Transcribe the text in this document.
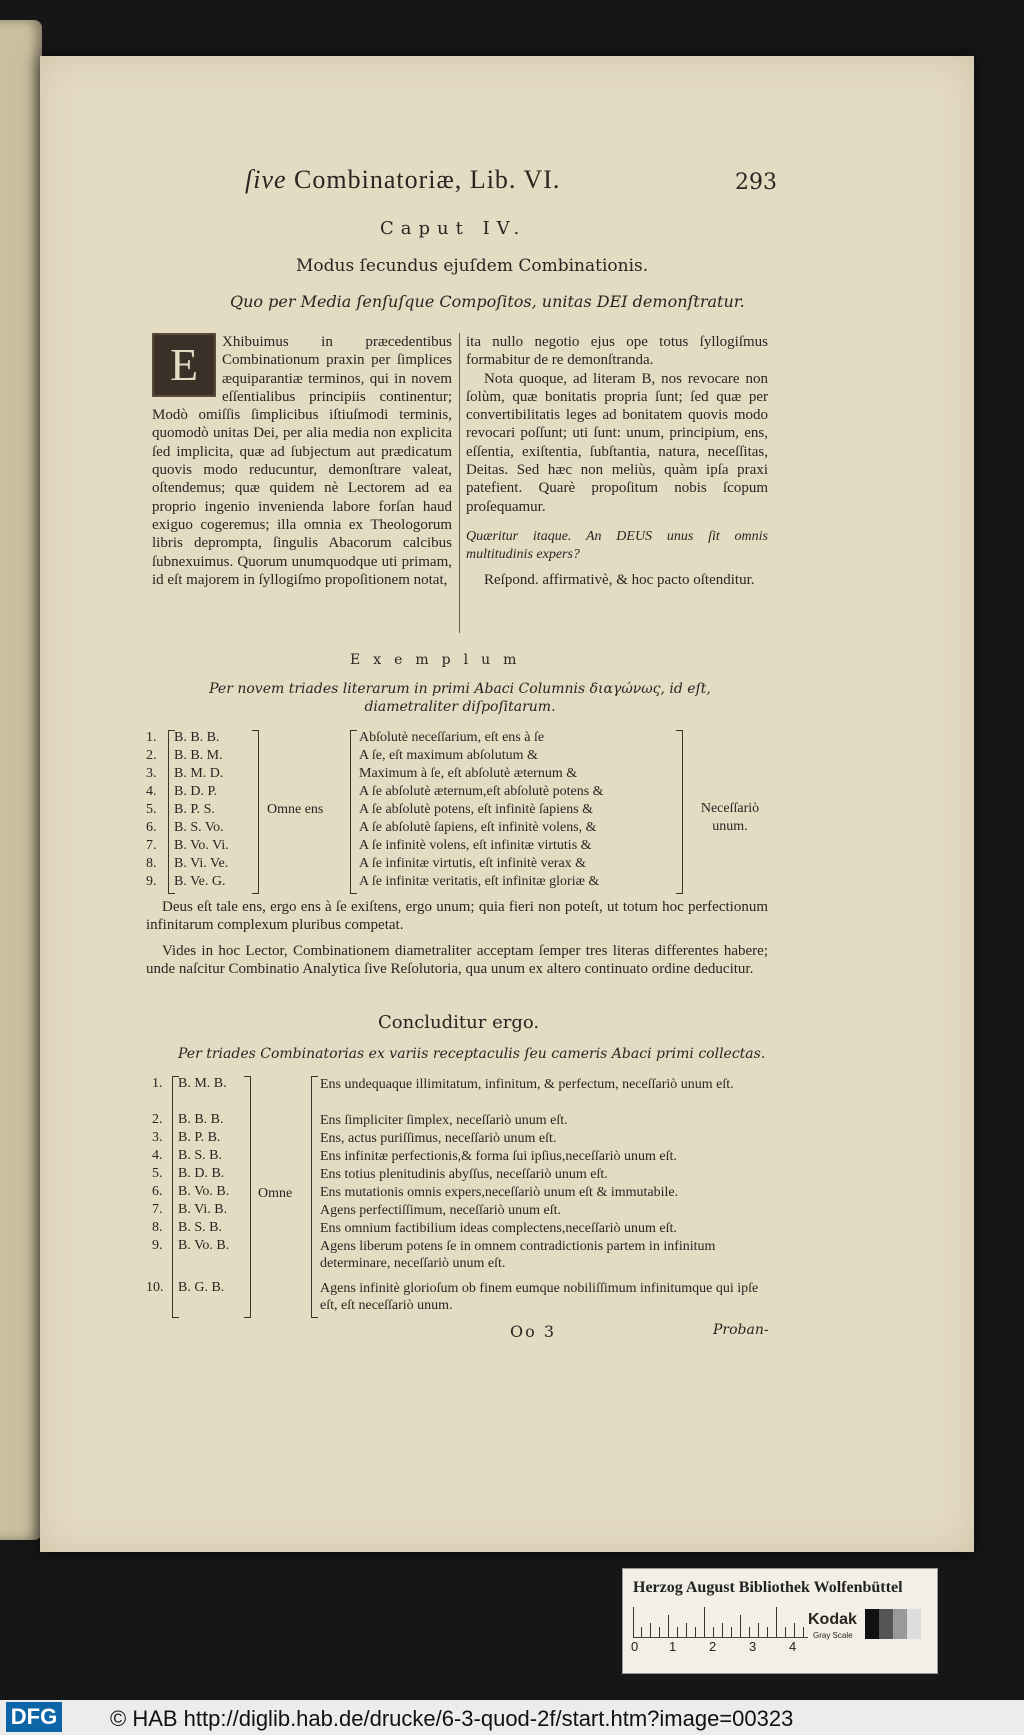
ſive Combinatoriæ, Lib. VI.	293
Caput IV.
Modus ſecundus ejuſdem Combinationis.
Quo per Media ſenſuſque Compoſitos, unitas DEI demonſtratur.
E	Xhibuimus in præcedentibus Combinationum praxin per ſimplices æquiparantiæ terminos, qui in novem eſſentialibus principiis continentur; Modò omiſſis ſimplicibus iſtiuſmodi terminis, quomodò unitas Dei, per alia media non explicita ſed implicita, quæ ad ſubjectum aut prædicatum quovis modo reducuntur, demonſtrare valeat, oſtendemus; quæ quidem nè Lectorem ad ea proprio ingenio invenienda labore forſan haud exiguo cogeremus; illa omnia ex Theologorum libris deprompta, ſingulis Abacorum calcibus ſubnexuimus. Quorum unumquodque uti primam, id eſt majorem in ſyllogiſmo propoſitionem notat,
ita nullo negotio ejus ope totus ſyllogiſmus formabitur de re demonſtranda.
Nota quoque, ad literam B, nos revocare non ſolùm, quæ bonitatis propria ſunt; ſed quæ per convertibilitatis leges ad bonitatem quovis modo revocari poſſunt; uti ſunt: unum, principium, ens, eſſentia, exiſtentia, ſubſtantia, natura, neceſſitas, Deitas. Sed hæc non meliùs, quàm ipſa praxi patefient. Quarè propoſitum nobis ſcopum proſequamur.
Quæritur itaque. An DEUS unus ſit omnis multitudinis expers?
Reſpond. affirmativè, & hoc pacto oſtenditur.
Exemplum
Per novem triades literarum in primi Abaci Columnis διαγώνως, id eſt, diametraliter diſpoſitarum.
1. B. B. B.	Abſolutè neceſſarium, eſt ens à ſe
2. B. B. M.	A ſe, eſt maximum abſolutum &
3. B. M. D.	Maximum à ſe, eſt abſolutè æternum &
4. B. D. P.	A ſe abſolutè æternum,eſt abſolutè potens &
5. B. P. S.	A ſe abſolutè potens, eſt infinitè ſapiens &
6. B. S. Vo.	A ſe abſolutè ſapiens, eſt infinitè volens, &
7. B. Vo. Vi.	A ſe infinitè volens, eſt infinitæ virtutis &
8. B. Vi. Ve.	A ſe infinitæ virtutis, eſt infinitè verax &
9. B. Ve. G.	A ſe infinitæ veritatis, eſt infinitæ gloriæ &
Omne ens	Neceſſariò unum.
Deus eſt tale ens, ergo ens à ſe exiſtens, ergo unum; quia fieri non poteſt, ut totum hoc perfectionum infinitarum complexum pluribus competat.
Vides in hoc Lector, Combinationem diametraliter acceptam ſemper tres literas differentes habere; unde naſcitur Combinatio Analytica ſive Reſolutoria, qua unum ex altero continuato ordine deducitur.
Concluditur ergo.
Per triades Combinatorias ex variis receptaculis ſeu cameris Abaci primi collectas.
1. B. M. B.	Ens undequaque illimitatum, infinitum, & perfectum, neceſſariò unum eſt.
2. B. B. B.	Ens ſimpliciter ſimplex, neceſſariò unum eſt.
3. B. P. B.	Ens, actus puriſſimus, neceſſariò unum eſt.
4. B. S. B.	Ens infinitæ perfectionis,& forma ſui ipſius,neceſſariò unum eſt.
5. B. D. B.	Ens totius plenitudinis abyſſus, neceſſariò unum eſt.
6. B. Vo. B.	Ens mutationis omnis expers,neceſſariò unum eſt & immutabile.
7. B. Vi. B.	Agens perfectiſſimum, neceſſariò unum eſt.
8. B. S. B.	Ens omnium factibilium ideas complectens,neceſſariò unum eſt.
9. B. Vo. B.	Agens liberum potens ſe in omnem contradictionis partem in infinitum determinare, neceſſariò unum eſt.
10. B. G. B.	Agens infinitè glorioſum ob finem eumque nobiliſſimum infinitumque qui ipſe eſt, eſt neceſſariò unum.
Omne
Oo 3	Proban-
Herzog August Bibliothek Wolfenbüttel
0 1	2	3	4
Kodak
Gray Scale
DFG © HAB http://diglib.hab.de/drucke/6-3-quod-2f/start.htm?image=00323
